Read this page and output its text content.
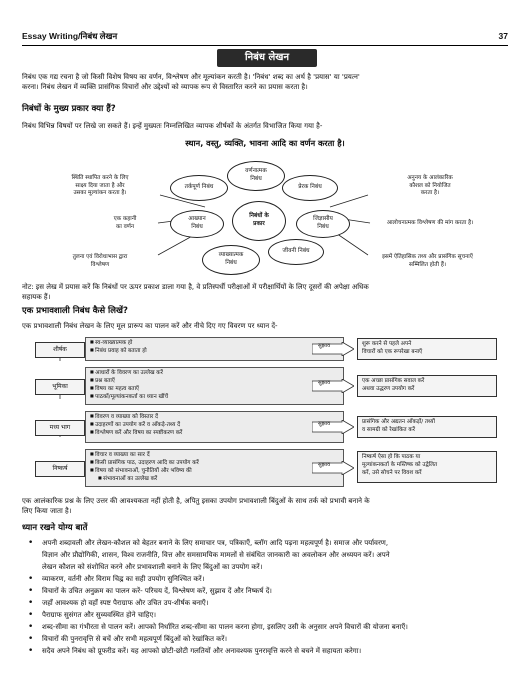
Essay Writing/निबंध लेखन	37
निबंध लेखन
निबंध एक गद्य रचना है जो किसी विशेष विषय का वर्णन, विश्लेषण और मूल्यांकन करती है। 'निबंध' शब्द का अर्थ है 'प्रयास' या 'प्रयत्न'
करना। निबंध लेखन में व्यक्ति प्रासंगिक विचारों और उद्देश्यों को व्यापक रूप से विस्तारित करने का प्रयास करता है।
निबंधों के मुख्य प्रकार क्या हैं?
निबंध विभिन्न विषयों पर लिखे जा सकते हैं। इन्हें मुख्यतः निम्नलिखित व्यापक शीर्षकों के अंतर्गत विभाजित किया गया है-
स्थान, वस्तु, व्यक्ति, भावना आदि का वर्णन करता है।
निबंधों के
प्रकार
वर्णनात्मक
निबंध
प्रेरक निबंध
जिज्ञासीय
निबंध
जीवनी निबंध
व्याख्यात्मक
निबंध
आख्यान
निबंध
तर्कपूर्ण निबंध
स्थिति स्थापित करने के लिए
साक्ष्य दिया जाता है और
उसका मूल्यांकन करता है।
अनुनय के आलंकारिक
कौशल को नियोजित
करता है।
एक कहानी
का वर्णन
आलोचनात्मक विश्लेषण की मांग करता है।
तुलना एवं विरोधाभास द्वारा
विश्लेषण
इसमें ऐतिहासिक तथ्य और प्रासंगिक सूचनाएँ
सम्मिलित होती हैं।
नोट: इस लेख में प्रयास करें कि निबंधों पर ऊपर प्रकाश डाला गया है, वे प्रतिस्पर्धी परीक्षाओं में परीक्षार्थियों के लिए दूसरों की अपेक्षा अधिक
सहायक हैं।
एक प्रभावशाली निबंध कैसे लिखें?
एक प्रभावशाली निबंध लेखन के लिए मूल प्रारूप का पालन करें और नीचे दिए गए विवरण पर ध्यान दें-
शीर्षक
■ स्व-व्याख्यात्मक हो
■ निबंध प्रवाह को बताता हो
सुझाव	शुरू करने से पहले अपने
विचारों को एक रूपरेखा बनाएँ
भूमिका
■ आधारों के विवरण का उल्लेख करें
■ प्रश्न बताएँ
■ विषय का महत्व बताएँ
■ पाठकों/मूल्यांकनकर्ता का ध्यान खींचें
सुझाव	एक अच्छा प्रासंगिक सवाल करें
अथवा उद्धरण उपयोग करें
मध्य भाग
■ विवरण व व्याख्या को विस्तार दें
■ उदाहरणों का उपयोग करें व आँकड़े-तथ्य दें
■ विश्लेषण करें और विषय का स्पष्टीकरण करें
सुझाव	प्रासंगिक और अद्यतन आँकड़ों/ तथ्यों
व सामग्री को रेखांकित करें
निष्कर्ष
■ विचार व व्याख्या का सार दें
■ किसी प्रासंगिक पाठ, उदाहरण आदि का उपयोग करें
■ विषय को संभावनाओं, चुनौतियों और भविष्य की
■ संभावनाओं का उल्लेख करें
सुझाव
निष्कर्ष ऐसा हो कि पाठक या
मूल्यांकनकर्ता के मस्तिष्क को उद्वेलित
करें, उसे सोचने पर विवश करें
एक आलंकारिक प्रश्न के लिए उत्तर की आवश्यकता नहीं होती है, अपितु इसका उपयोग प्रभावशाली बिंदुओं के साथ तर्क को प्रभावी बनाने के
लिए किया जाता है।
ध्यान रखने योग्य बातें
• अपनी शब्दावली और लेखन-कौशल को बेहतर बनाने के लिए समाचार पत्र, पत्रिकाएँ, ब्लॉग आदि पढ़ना महत्वपूर्ण है। समाज और पर्यावरण,
विज्ञान और प्रौद्योगिकी, शासन, विश्व राजनीति, वित्त और समसामयिक मामलों से संबंधित जानकारी का अवलोकन और अध्ययन करें। अपने
लेखन कौशल को संशोधित करने और प्रभावशाली बनाने के लिए बिंदुओं का उपयोग करें।
• व्याकरण, वर्तनी और विराम चिह्न का सही उपयोग सुनिश्चित करें।
• विचारों के उचित अनुक्रम का पालन करें- परिचय दें, विश्लेषण करें, सुझाव दें और निष्कर्ष दें।
• जहाँ आवश्यक हो वहाँ स्पष्ट पैराग्राफ और उचित उप-शीर्षक बनाएँ।
• पैराग्राफ सुसंगत और सुव्यवस्थित होने चाहिए।
• शब्द-सीमा का गंभीरता से पालन करें। आपको निर्धारित शब्द-सीमा का पालन करना होगा, इसलिए उसी के अनुसार अपने विचारों की योजना बनाएँ।
• विचारों की पुनरावृत्ति से बचें और सभी महत्वपूर्ण बिंदुओं को रेखांकित करें।
• सदैव अपने निबंध को प्रूफरीड करें। यह आपको छोटी-छोटी गलतियों और अनावश्यक पुनरावृत्ति करने से बचने में सहायता करेगा।
